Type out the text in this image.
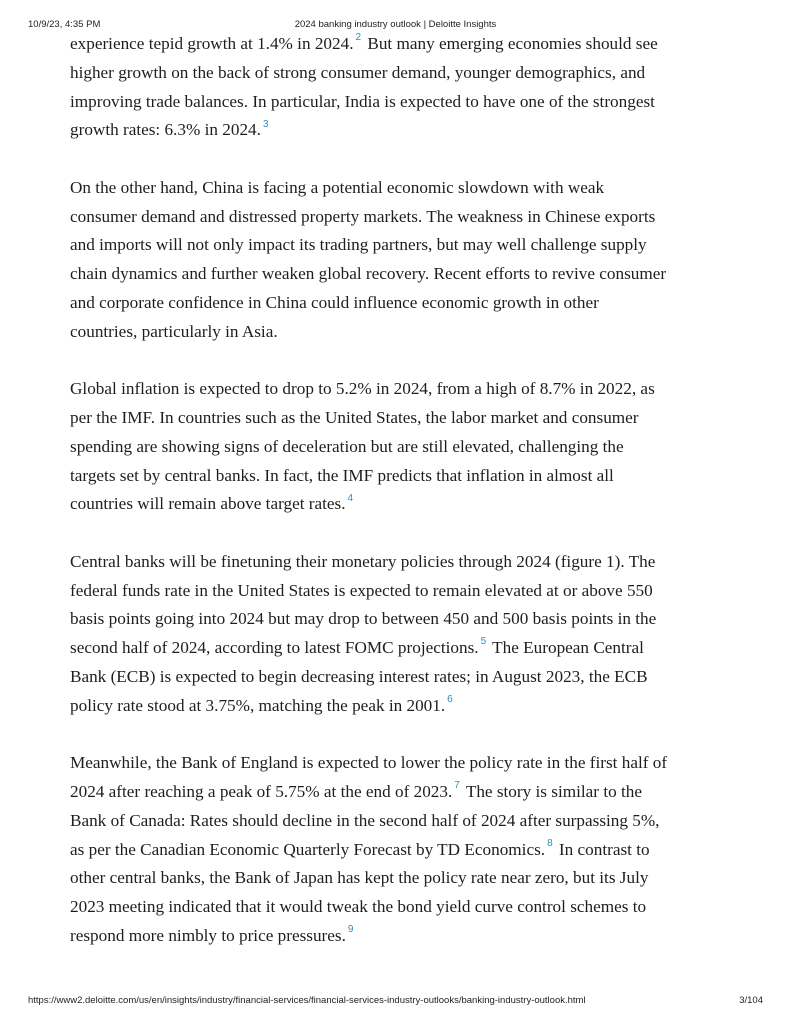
10/9/23, 4:35 PM	2024 banking industry outlook | Deloitte Insights

experience tepid growth at 1.4% in 2024. $^2$ But many emerging economies should see
higher growth on the back of strong consumer demand, younger demographics, and
improving trade balances. In particular, India is expected to have one of the strongest
growth rates: 6.3% in 2024. $^3$

On the other hand, China is facing a potential economic slowdown with weak
consumer demand and distressed property markets. The weakness in Chinese exports
and imports will not only impact its trading partners, but may well challenge supply
chain dynamics and further weaken global recovery. Recent efforts to revive consumer
and corporate confidence in China could influence economic growth in other
countries, particularly in Asia.

Global inflation is expected to drop to 5.2% in 2024, from a high of 8.7% in 2022, as
per the IMF. In countries such as the United States, the labor market and consumer
spending are showing signs of deceleration but are still elevated, challenging the
targets set by central banks. In fact, the IMF predicts that inflation in almost all
countries will remain above target rates. $^4$

Central banks will be finetuning their monetary policies through 2024 (figure 1). The
federal funds rate in the United States is expected to remain elevated at or above 550
basis points going into 2024 but may drop to between 450 and 500 basis points in the
second half of 2024, according to latest FOMC projections. $^5$ The European Central
Bank (ECB) is expected to begin decreasing interest rates; in August 2023, the ECB
policy rate stood at 3.75%, matching the peak in 2001. $^6$

Meanwhile, the Bank of England is expected to lower the policy rate in the first half of
2024 after reaching a peak of 5.75% at the end of 2023. $^7$ The story is similar to the
Bank of Canada: Rates should decline in the second half of 2024 after surpassing 5%,
as per the Canadian Economic Quarterly Forecast by TD Economics. $^8$ In contrast to
other central banks, the Bank of Japan has kept the policy rate near zero, but its July
2023 meeting indicated that it would tweak the bond yield curve control schemes to
respond more nimbly to price pressures. $^9$

https://www2.deloitte.com/us/en/insights/industry/financial-services/financial-services-industry-outlooks/banking-industry-outlook.html	3/104
